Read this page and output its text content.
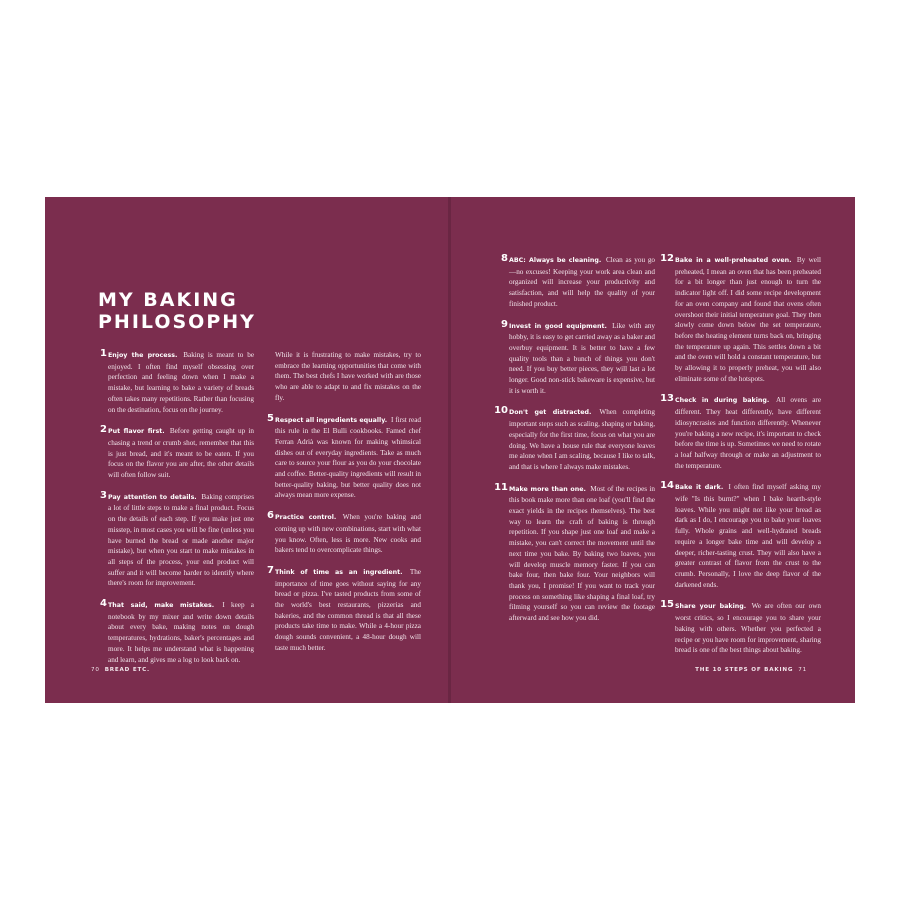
MY BAKING
PHILOSOPHY
1 Enjoy the process. Baking is meant to be enjoyed. I often find myself obsessing over perfection and feeling down when I make a mistake, but learning to bake a variety of breads often takes many repetitions. Rather than focusing on the destination, focus on the journey.
2 Put flavor first. Before getting caught up in chasing a trend or crumb shot, remember that this is just bread, and it's meant to be eaten. If you focus on the flavor you are after, the other details will often follow suit.
3 Pay attention to details. Baking comprises a lot of little steps to make a final product. Focus on the details of each step. If you make just one misstep, in most cases you will be fine (unless you have burned the bread or made another major mistake), but when you start to make mistakes in all steps of the process, your end product will suffer and it will become harder to identify where there's room for improvement.
4 That said, make mistakes. I keep a notebook by my mixer and write down details about every bake, making notes on dough temperatures, hydrations, baker's percentages and more. It helps me understand what is happening and learn, and gives me a log to look back on.
While it is frustrating to make mistakes, try to embrace the learning opportunities that come with them. The best chefs I have worked with are those who are able to adapt to and fix mistakes on the fly.
5 Respect all ingredients equally. I first read this rule in the El Bulli cookbooks. Famed chef Ferran Adrià was known for making whimsical dishes out of everyday ingredients. Take as much care to source your flour as you do your chocolate and coffee. Better-quality ingredients will result in better-quality baking, but better quality does not always mean more expense.
6 Practice control. When you're baking and coming up with new combinations, start with what you know. Often, less is more. New cooks and bakers tend to overcomplicate things.
7 Think of time as an ingredient. The importance of time goes without saying for any bread or pizza. I've tasted products from some of the world's best restaurants, pizzerias and bakeries, and the common thread is that all these products take time to make. While a 4-hour pizza dough sounds convenient, a 48-hour dough will taste much better.
70 BREAD ETC.
8 ABC: Always be cleaning. Clean as you go—no excuses! Keeping your work area clean and organized will increase your productivity and satisfaction, and will help the quality of your finished product.
9 Invest in good equipment. Like with any hobby, it is easy to get carried away as a baker and overbuy equipment. It is better to have a few quality tools than a bunch of things you don't need. If you buy better pieces, they will last a lot longer. Good non-stick bakeware is expensive, but it is worth it.
10 Don't get distracted. When completing important steps such as scaling, shaping or baking, especially for the first time, focus on what you are doing. We have a house rule that everyone leaves me alone when I am scaling, because I like to talk, and that is where I always make mistakes.
11 Make more than one. Most of the recipes in this book make more than one loaf (you'll find the exact yields in the recipes themselves). The best way to learn the craft of baking is through repetition. If you shape just one loaf and make a mistake, you can't correct the movement until the next time you bake. By baking two loaves, you will develop muscle memory faster. If you can bake four, then bake four. Your neighbors will thank you, I promise! If you want to track your process on something like shaping a final loaf, try filming yourself so you can review the footage afterward and see how you did.
12 Bake in a well-preheated oven. By well preheated, I mean an oven that has been preheated for a bit longer than just enough to turn the indicator light off. I did some recipe development for an oven company and found that ovens often overshoot their initial temperature goal. They then slowly come down below the set temperature, before the heating element turns back on, bringing the temperature up again. This settles down a bit and the oven will hold a constant temperature, but by allowing it to properly preheat, you will also eliminate some of the hotspots.
13 Check in during baking. All ovens are different. They heat differently, have different idiosyncrasies and function differently. Whenever you're baking a new recipe, it's important to check before the time is up. Sometimes we need to rotate a loaf halfway through or make an adjustment to the temperature.
14 Bake it dark. I often find myself asking my wife "Is this burnt?" when I bake hearth-style loaves. While you might not like your bread as dark as I do, I encourage you to bake your loaves fully. Whole grains and well-hydrated breads require a longer bake time and will develop a deeper, richer-tasting crust. They will also have a greater contrast of flavor from the crust to the crumb. Personally, I love the deep flavor of the darkened ends.
15 Share your baking. We are often our own worst critics, so I encourage you to share your baking with others. Whether you perfected a recipe or you have room for improvement, sharing bread is one of the best things about baking.
THE 10 STEPS OF BAKING 71
